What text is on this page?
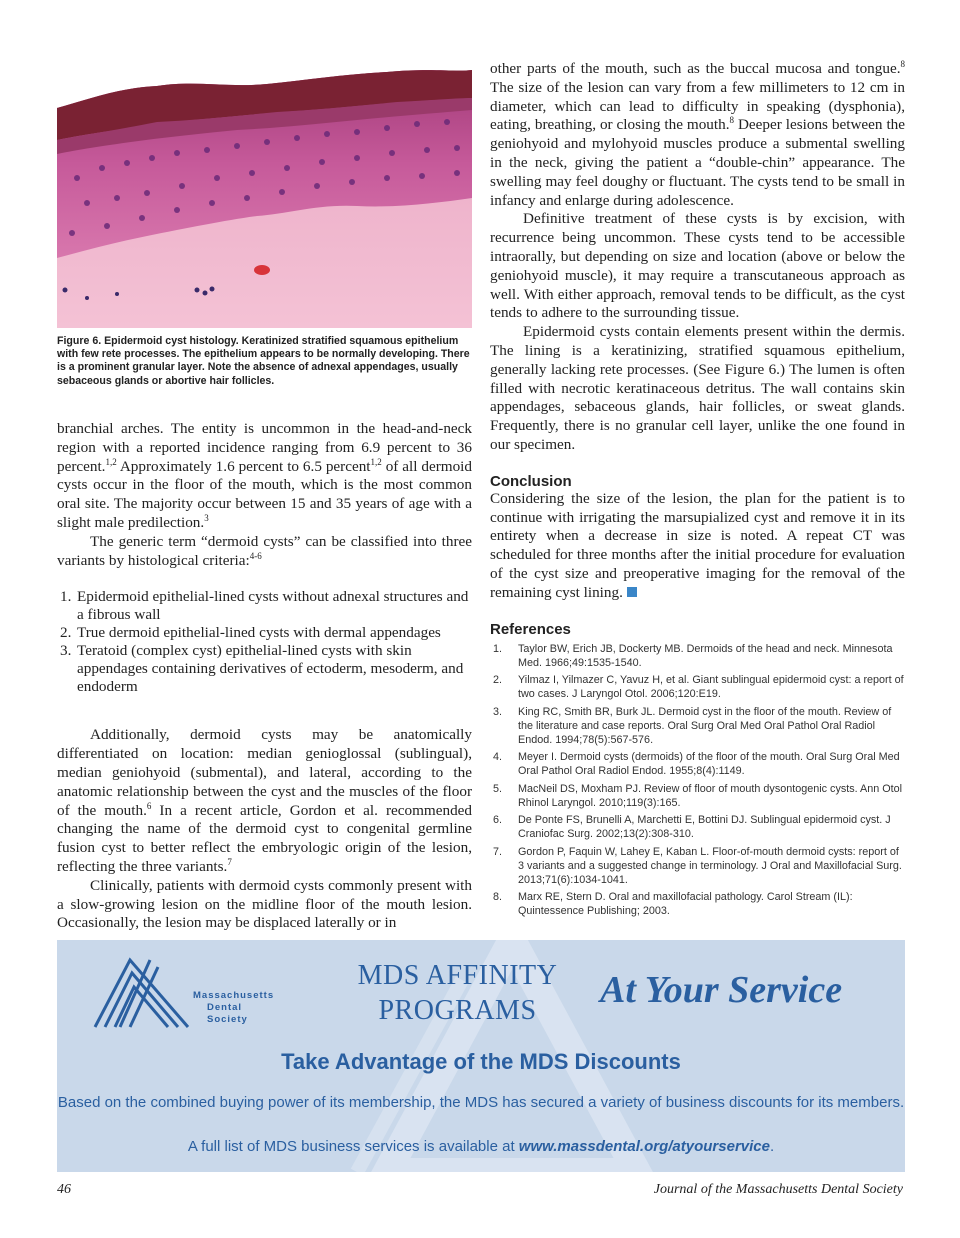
Figure 6. Epidermoid cyst histology. Keratinized stratified squamous epithelium with few rete processes. The epithelium appears to be normally developing. There is a prominent granular layer. Note the absence of adnexal appendages, usually sebaceous glands or abortive hair follicles.

branchial arches. The entity is uncommon in the head-and-neck region with a reported incidence ranging from 6.9 percent to 36 percent.$^{1,2}$ Approximately 1.6 percent to 6.5 percent$^{1,2}$ of all dermoid cysts occur in the floor of the mouth, which is the most common oral site. The majority occur between 15 and 35 years of age with a slight male predilection.$^3$

The generic term “dermoid cysts” can be classified into three variants by histological criteria:$^{4-6}$

1. Epidermoid epithelial-lined cysts without adnexal structures and a fibrous wall
2. True dermoid epithelial-lined cysts with dermal appendages
3. Teratoid (complex cyst) epithelial-lined cysts with skin appendages containing derivatives of ectoderm, mesoderm, and endoderm

Additionally, dermoid cysts may be anatomically differentiated on location: median genioglossal (sublingual), median geniohyoid (submental), and lateral, according to the anatomic relationship between the cyst and the muscles of the floor of the mouth.$^6$ In a recent article, Gordon et al. recommended changing the name of the dermoid cyst to congenital germline fusion cyst to better reflect the embryologic origin of the lesion, reflecting the three variants.$^7$

Clinically, patients with dermoid cysts commonly present with a slow-growing lesion on the midline floor of the mouth lesion. Occasionally, the lesion may be displaced laterally or in

other parts of the mouth, such as the buccal mucosa and tongue.$^8$ The size of the lesion can vary from a few millimeters to 12 cm in diameter, which can lead to difficulty in speaking (dysphonia), eating, breathing, or closing the mouth.$^8$ Deeper lesions between the geniohyoid and mylohyoid muscles produce a submental swelling in the neck, giving the patient a “double-chin” appearance. The swelling may feel doughy or fluctuant. The cysts tend to be small in infancy and enlarge during adolescence.

Definitive treatment of these cysts is by excision, with recurrence being uncommon. These cysts tend to be accessible intraorally, but depending on size and location (above or below the geniohyoid muscle), it may require a transcutaneous approach as well. With either approach, removal tends to be difficult, as the cyst tends to adhere to the surrounding tissue.

Epidermoid cysts contain elements present within the dermis. The lining is a keratinizing, stratified squamous epithelium, generally lacking rete processes. (See Figure 6.) The lumen is often filled with necrotic keratinaceous detritus. The wall contains skin appendages, sebaceous glands, hair follicles, or sweat glands. Frequently, there is no granular cell layer, unlike the one found in our specimen.

Conclusion

Considering the size of the lesion, the plan for the patient is to continue with irrigating the marsupialized cyst and remove it in its entirety when a decrease in size is noted. A repeat CT was scheduled for three months after the initial procedure for evaluation of the cyst size and preoperative imaging for the removal of the remaining cyst lining.

References
1. Taylor BW, Erich JB, Dockerty MB. Dermoids of the head and neck. Minnesota Med. 1966;49:1535-1540.
2. Yilmaz I, Yilmazer C, Yavuz H, et al. Giant sublingual epidermoid cyst: a report of two cases. J Laryngol Otol. 2006;120:E19.
3. King RC, Smith BR, Burk JL. Dermoid cyst in the floor of the mouth. Review of the literature and case reports. Oral Surg Oral Med Oral Pathol Oral Radiol Endod. 1994;78(5):567-576.
4. Meyer I. Dermoid cysts (dermoids) of the floor of the mouth. Oral Surg Oral Med Oral Pathol Oral Radiol Endod. 1955;8(4):1149.
5. MacNeil DS, Moxham PJ. Review of floor of mouth dysontogenic cysts. Ann Otol Rhinol Laryngol. 2010;119(3):165.
6. De Ponte FS, Brunelli A, Marchetti E, Bottini DJ. Sublingual epidermoid cyst. J Craniofac Surg. 2002;13(2):308-310.
7. Gordon P, Faquin W, Lahey E, Kaban L. Floor-of-mouth dermoid cysts: report of 3 variants and a suggested change in terminology. J Oral and Maxillofacial Surg. 2013;71(6):1034-1041.
8. Marx RE, Stern D. Oral and maxillofacial pathology. Carol Stream (IL): Quintessence Publishing; 2003.
Massachusetts
Dental
Society
MDS AFFINITY
PROGRAMS	At Your Service
Take Advantage of the MDS Discounts
Based on the combined buying power of its membership, the MDS has secured a variety of business discounts for its members.
A full list of MDS business services is available at www.massdental.org/atyourservice.
46	Journal of the Massachusetts Dental Society
